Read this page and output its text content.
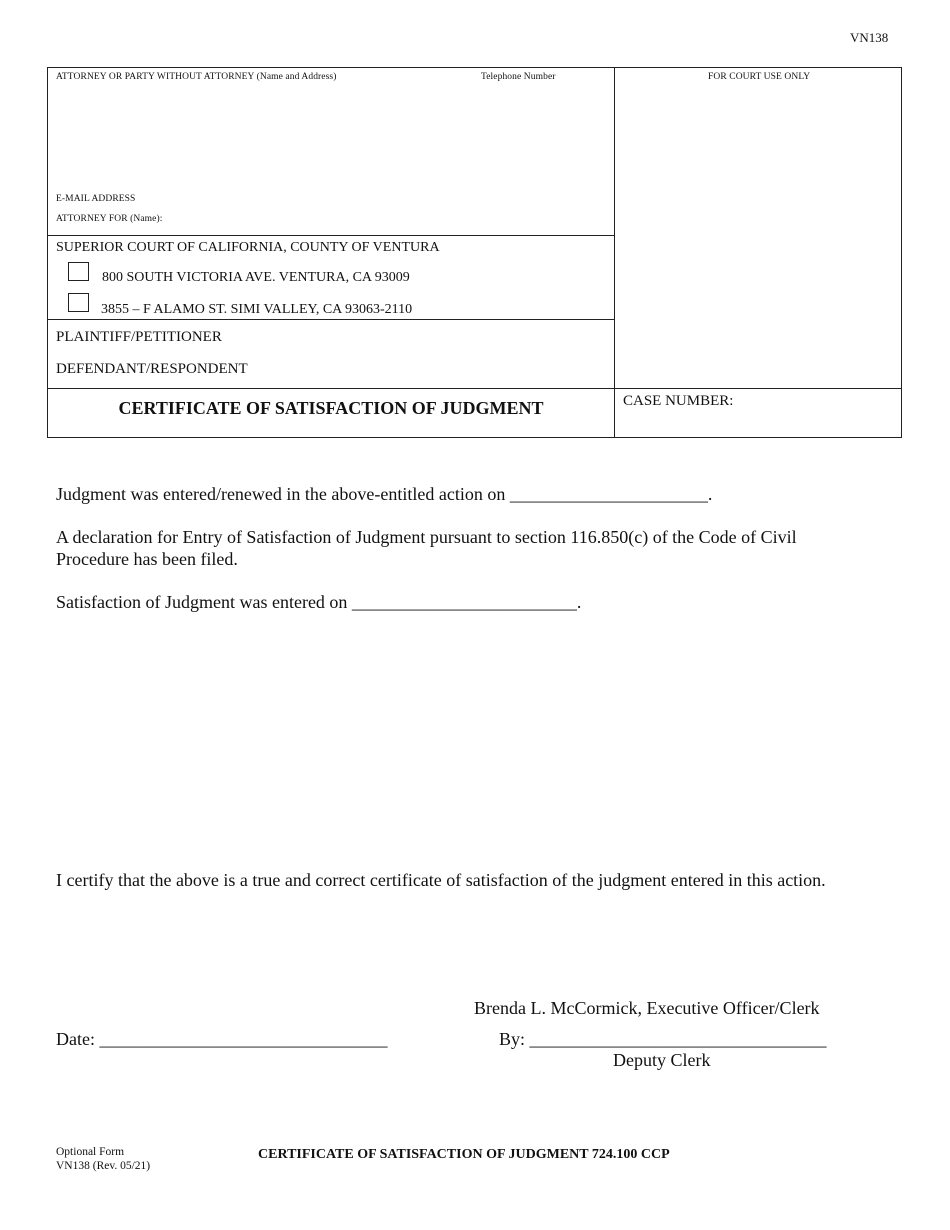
VN138
ATTORNEY OR PARTY WITHOUT ATTORNEY (Name and Address)	Telephone Number	FOR COURT USE ONLY
E-MAIL ADDRESS
ATTORNEY FOR (Name):
SUPERIOR COURT OF CALIFORNIA, COUNTY OF VENTURA
800 SOUTH VICTORIA AVE. VENTURA, CA 93009
3855 – F ALAMO ST. SIMI VALLEY, CA 93063-2110
PLAINTIFF/PETITIONER
DEFENDANT/RESPONDENT
CERTIFICATE OF SATISFACTION OF JUDGMENT	CASE NUMBER:
Judgment was entered/renewed in the above-entitled action on ______________________.
A declaration for Entry of Satisfaction of Judgment pursuant to section 116.850(c) of the Code of Civil Procedure has been filed.
Satisfaction of Judgment was entered on _________________________.
I certify that the above is a true and correct certificate of satisfaction of the judgment entered in this action.
Brenda L. McCormick, Executive Officer/Clerk
Date: ________________________________	By: _________________________________
Deputy Clerk
Optional Form
VN138 (Rev. 05/21)
CERTIFICATE OF SATISFACTION OF JUDGMENT 724.100 CCP
